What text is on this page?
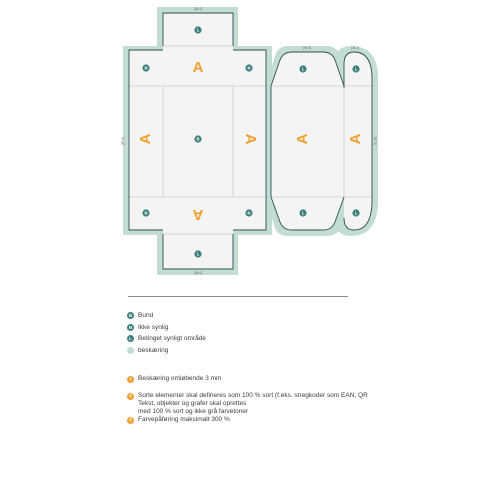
[94.0]
[94.0]	[34.0]
[87.0]	[87.0]
[94.0]
A
A
A	A A A
L
N	N	L	L
B
N	N	L	L
L
B Bund
N Ikke synlig
L Betinget synligt område
beskæring
1 Beskæring omløbende 3 mm
2 Sorte elementer skal defineres som 100 % sort (f.eks. stregkoder som EAN, QR
Tekst, objekter og grafer skal oprettes
med 100 % sort og ikke grå farvetoner
3 Farvepåføring maksimalt 300 %
